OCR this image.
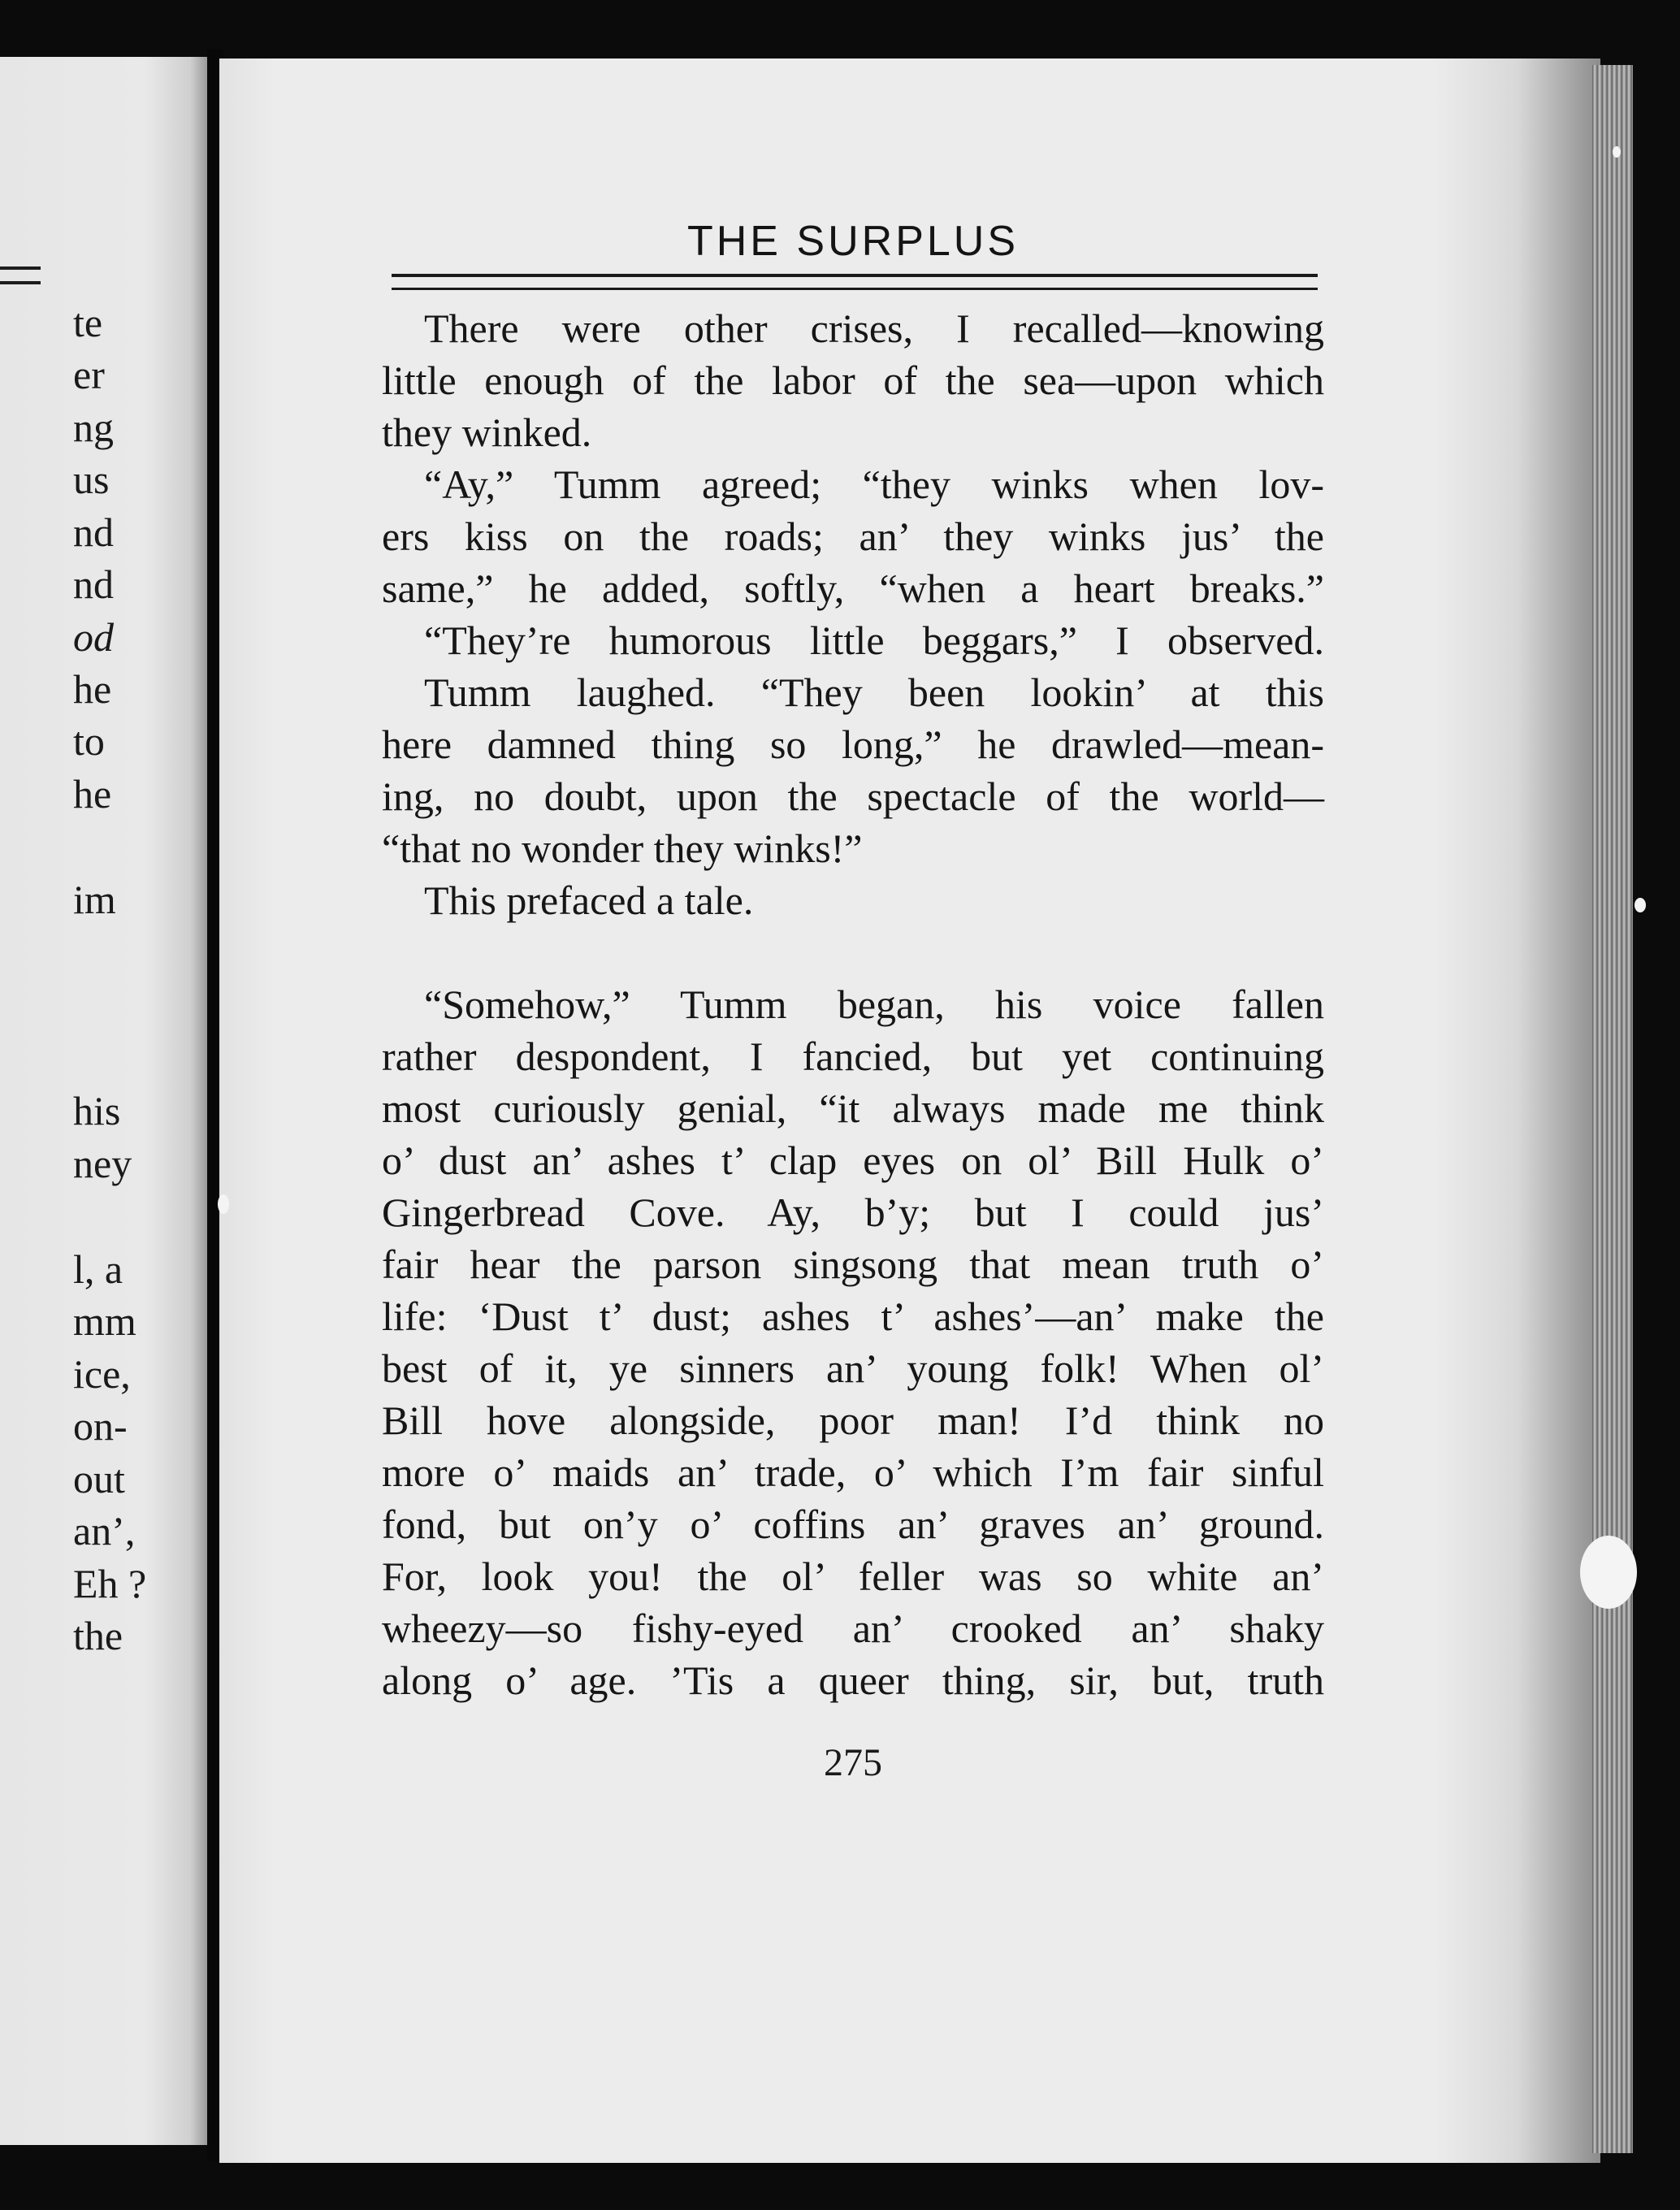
te
er
ng
us
nd
nd
od
he
to
he
im
his
ney
l, a
mm
ice,
on-
out
an’,
Eh ?
the
THE SURPLUS
There were other crises, I recalled—knowing
little enough of the labor of the sea—upon which
they winked.
“Ay,” Tumm agreed; “they winks when lov-
ers kiss on the roads; an’ they winks jus’ the
same,” he added, softly, “when a heart breaks.”
“They’re humorous little beggars,” I observed.
Tumm laughed. “They been lookin’ at this
here damned thing so long,” he drawled—mean-
ing, no doubt, upon the spectacle of the world—
“that no wonder they winks!”
This prefaced a tale.
“Somehow,” Tumm began, his voice fallen
rather despondent, I fancied, but yet continuing
most curiously genial, “it always made me think
o’ dust an’ ashes t’ clap eyes on ol’ Bill Hulk o’
Gingerbread Cove. Ay, b’y; but I could jus’
fair hear the parson singsong that mean truth o’
life: ‘Dust t’ dust; ashes t’ ashes’—an’ make the
best of it, ye sinners an’ young folk! When ol’
Bill hove alongside, poor man! I’d think no
more o’ maids an’ trade, o’ which I’m fair sinful
fond, but on’y o’ coffins an’ graves an’ ground.
For, look you! the ol’ feller was so white an’
wheezy—so fishy-eyed an’ crooked an’ shaky
along o’ age. ’Tis a queer thing, sir, but, truth
275
